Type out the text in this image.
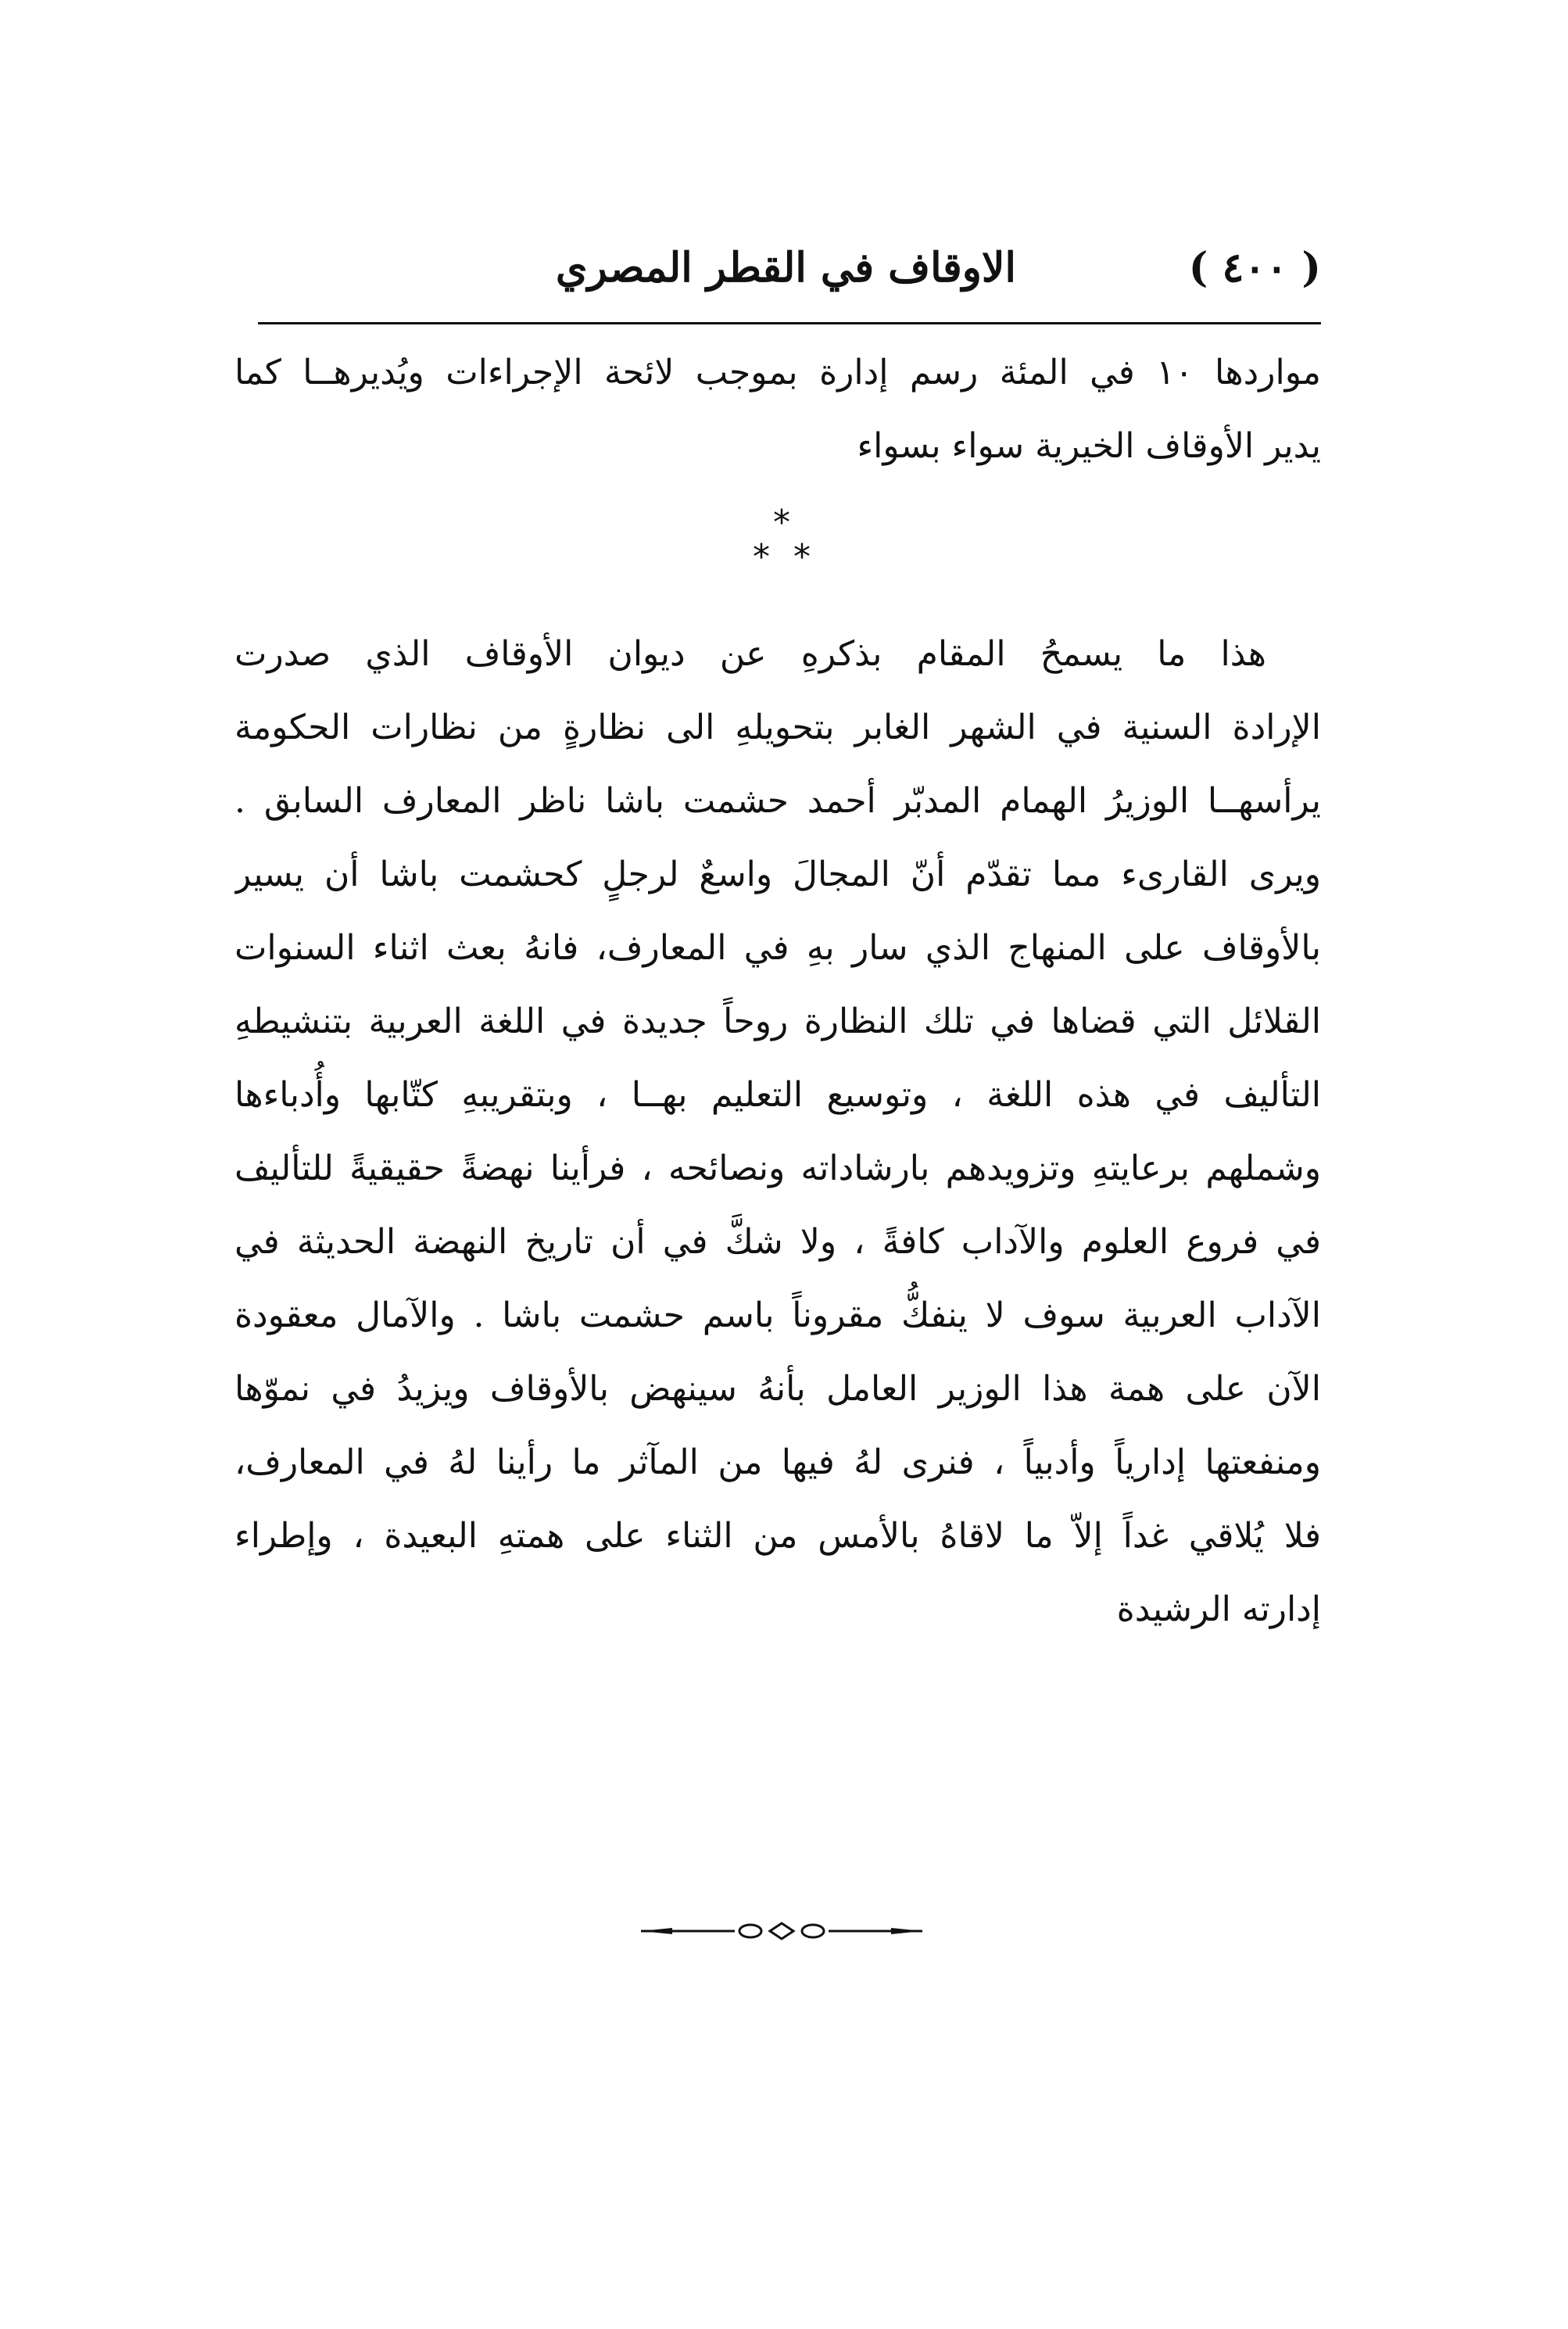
( ٤٠٠ )
الاوقاف في القطر المصري
مواردها ١٠ في المئة رسم إدارة بموجب لائحة الإجراءات ويُديرهــا كما
يدير الأوقاف الخيرية سواء بسواء
*
* *
هذا ما يسمحُ المقام بذكرهِ عن ديوان الأوقاف الذي صدرت
الإرادة السنية في الشهر الغابر بتحويلهِ الى نظارةٍ من نظارات الحكومة
يرأسهــا الوزيرُ الهمام المدبّر أحمد حشمت باشا ناظر المعارف السابق .
ويرى القارىء مما تقدّم أنّ المجالَ واسعٌ لرجلٍ كحشمت باشا أن يسير
بالأوقاف على المنهاج الذي سار بهِ في المعارف، فانهُ بعث اثناء السنوات
القلائل التي قضاها في تلك النظارة روحاً جديدة في اللغة العربية بتنشيطهِ
التأليف في هذه اللغة ، وتوسيع التعليم بهــا ، وبتقريبهِ كتّابها وأُدباءها
وشملهم برعايتهِ وتزويدهم بارشاداته ونصائحه ، فرأينا نهضةً حقيقيةً للتأليف
في فروع العلوم والآداب كافةً ، ولا شكَّ في أن تاريخ النهضة الحديثة في
الآداب العربية سوف لا ينفكُّ مقروناً باسم حشمت باشا . والآمال معقودة
الآن على همة هذا الوزير العامل بأنهُ سينهض بالأوقاف ويزيدُ في نموّها
ومنفعتها إدارياً وأدبياً ، فنرى لهُ فيها من المآثر ما رأينا لهُ في المعارف،
فلا يُلاقي غداً إلاّ ما لاقاهُ بالأمس من الثناء على همتهِ البعيدة ، وإطراء
إدارته الرشيدة
